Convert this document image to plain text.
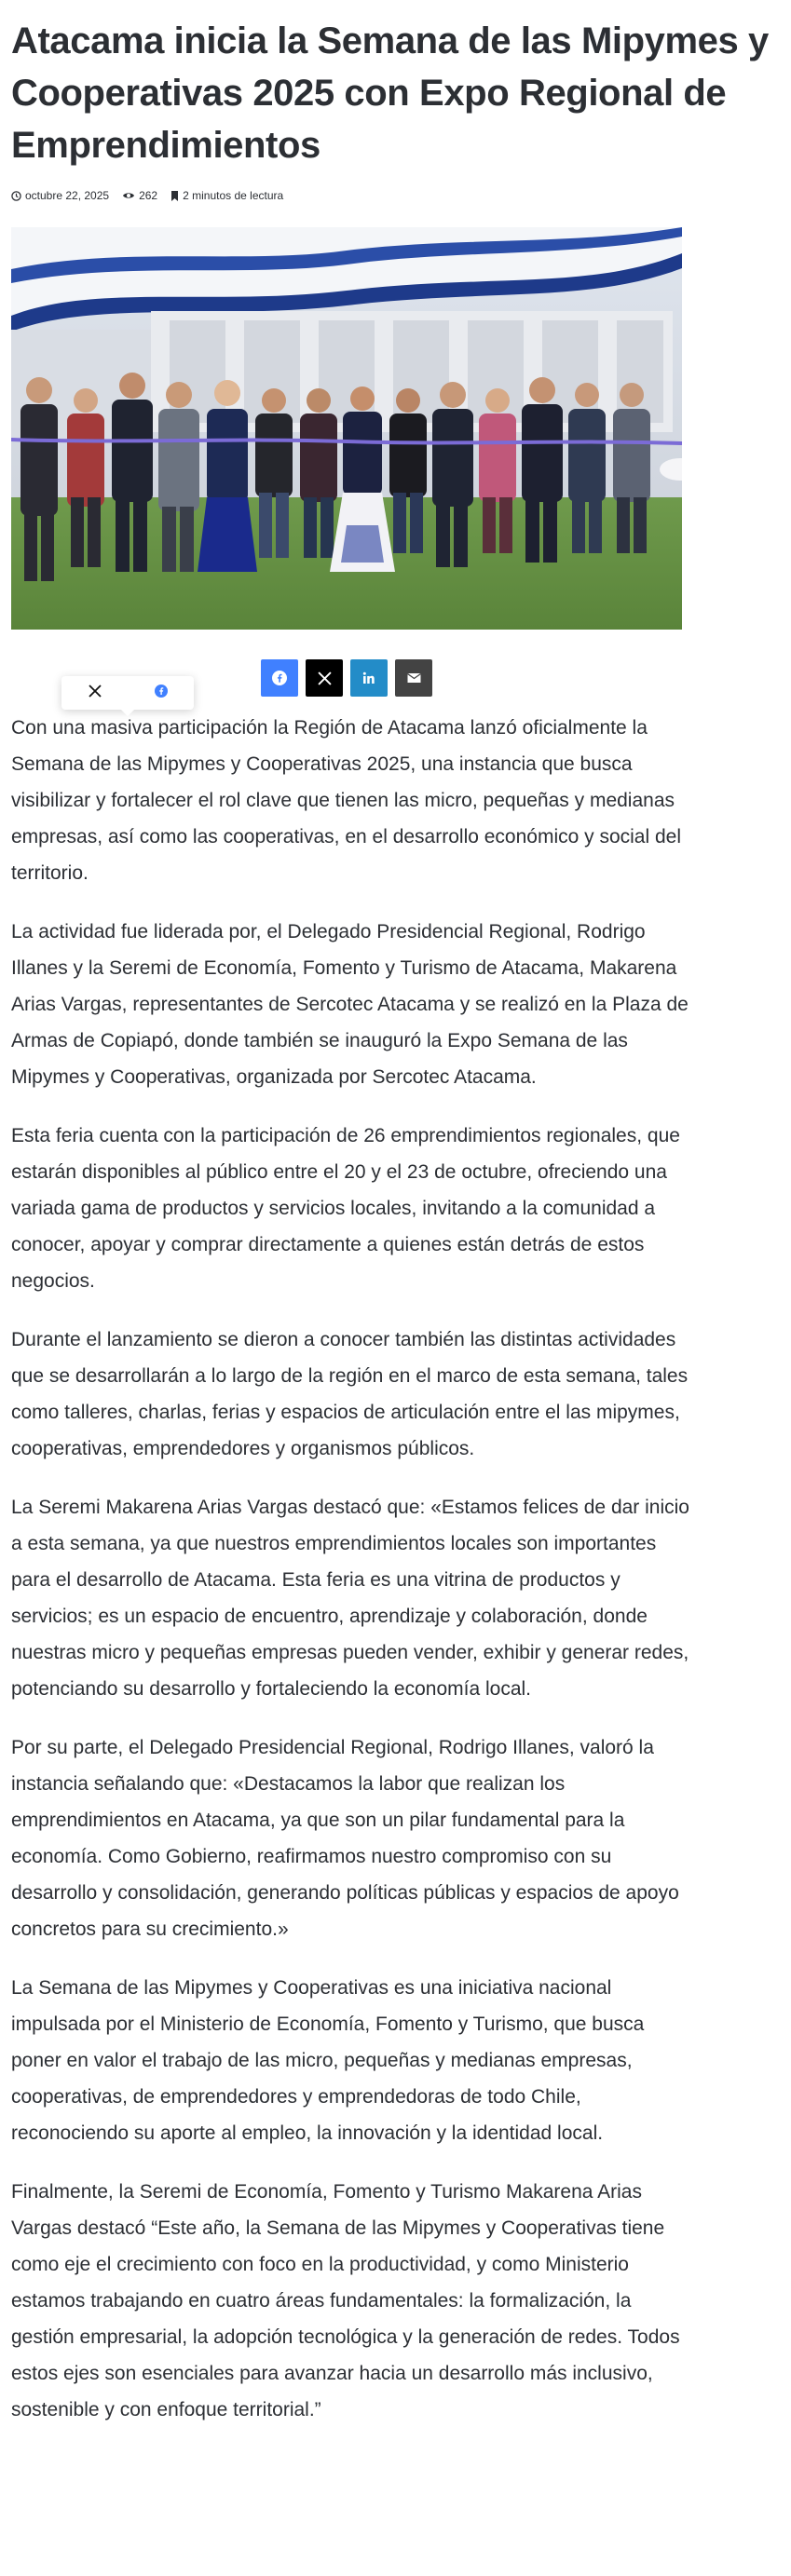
Atacama inicia la Semana de las Mipymes y Cooperativas 2025 con Expo Regional de Emprendimientos
octubre 22, 2025	262 2 minutos de lectura

Con una masiva participación la Región de Atacama lanzó oficialmente la Semana de las Mipymes y Cooperativas 2025, una instancia que busca visibilizar y fortalecer el rol clave que tienen las micro, pequeñas y medianas empresas, así como las cooperativas, en el desarrollo económico y social del territorio.

La actividad fue liderada por, el Delegado Presidencial Regional, Rodrigo Illanes y la Seremi de Economía, Fomento y Turismo de Atacama, Makarena Arias Vargas, representantes de Sercotec Atacama y se realizó en la Plaza de Armas de Copiapó, donde también se inauguró la Expo Semana de las Mipymes y Cooperativas, organizada por Sercotec Atacama.

Esta feria cuenta con la participación de 26 emprendimientos regionales, que estarán disponibles al público entre el 20 y el 23 de octubre, ofreciendo una variada gama de productos y servicios locales, invitando a la comunidad a conocer, apoyar y comprar directamente a quienes están detrás de estos negocios.

Durante el lanzamiento se dieron a conocer también las distintas actividades que se desarrollarán a lo largo de la región en el marco de esta semana, tales como talleres, charlas, ferias y espacios de articulación entre el las mipymes, cooperativas, emprendedores y organismos públicos.

La Seremi Makarena Arias Vargas destacó que: «Estamos felices de dar inicio a esta semana, ya que nuestros emprendimientos locales son importantes para el desarrollo de Atacama. Esta feria es una vitrina de productos y servicios; es un espacio de encuentro, aprendizaje y colaboración, donde nuestras micro y pequeñas empresas pueden vender, exhibir y generar redes, potenciando su desarrollo y fortaleciendo la economía local.

Por su parte, el Delegado Presidencial Regional, Rodrigo Illanes, valoró la instancia señalando que: «Destacamos la labor que realizan los emprendimientos en Atacama, ya que son un pilar fundamental para la economía. Como Gobierno, reafirmamos nuestro compromiso con su desarrollo y consolidación, generando políticas públicas y espacios de apoyo concretos para su crecimiento.»

La Semana de las Mipymes y Cooperativas es una iniciativa nacional impulsada por el Ministerio de Economía, Fomento y Turismo, que busca poner en valor el trabajo de las micro, pequeñas y medianas empresas, cooperativas, de emprendedores y emprendedoras de todo Chile, reconociendo su aporte al empleo, la innovación y la identidad local.

Finalmente, la Seremi de Economía, Fomento y Turismo Makarena Arias Vargas destacó “Este año, la Semana de las Mipymes y Cooperativas tiene como eje el crecimiento con foco en la productividad, y como Ministerio estamos trabajando en cuatro áreas fundamentales: la formalización, la gestión empresarial, la adopción tecnológica y la generación de redes. Todos estos ejes son esenciales para avanzar hacia un desarrollo más inclusivo, sostenible y con enfoque territorial.”
